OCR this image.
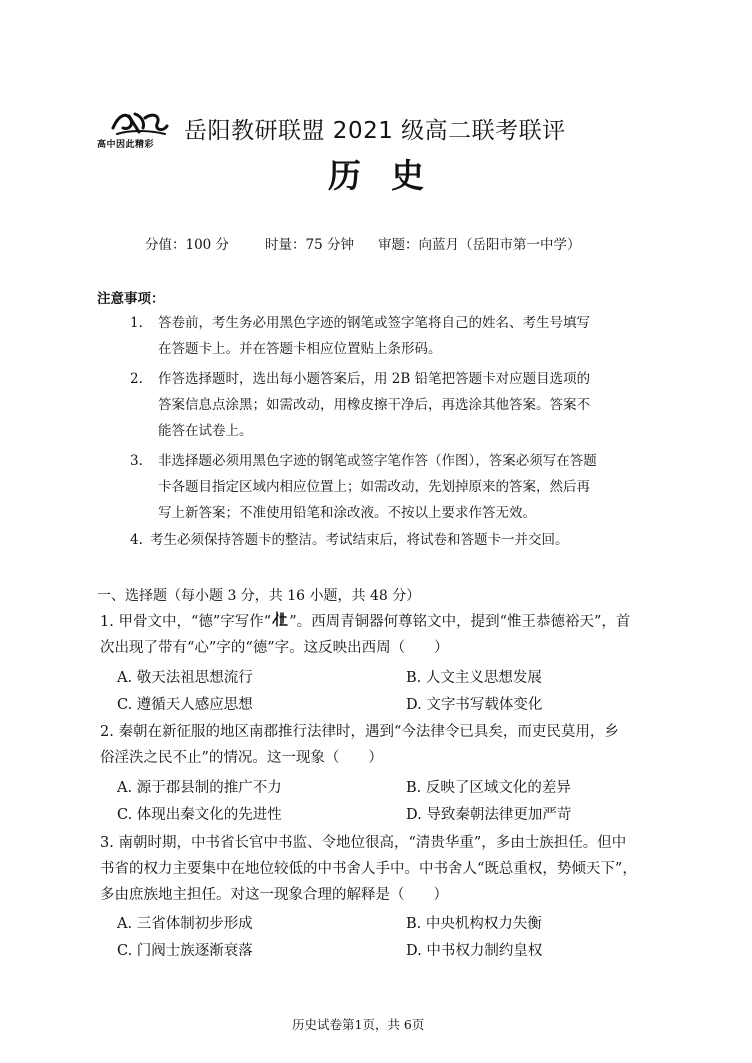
高中因此精彩
岳阳教研联盟 2021 级高二联考联评
历史
分值：100 分	时量：75 分钟 审题：向蓝月（岳阳市第一中学）
注意事项：
1. 答卷前，考生务必用黑色字迹的钢笔或签字笔将自己的姓名、考生号填写
在答题卡上。并在答题卡相应位置贴上条形码。
2. 作答选择题时，选出每小题答案后，用 2B 铅笔把答题卡对应题目选项的
答案信息点涂黑；如需改动，用橡皮擦干净后，再选涂其他答案。答案不
能答在试卷上。
3. 非选择题必须用黑色字迹的钢笔或签字笔作答（作图），答案必须写在答题
卡各题目指定区域内相应位置上；如需改动，先划掉原来的答案，然后再
写上新答案；不准使用铅笔和涂改液。不按以上要求作答无效。
4. 考生必须保持答题卡的整洁。考试结束后，将试卷和答题卡一并交回。
一、选择题（每小题 3 分，共 16 小题，共 48 分）
1. 甲骨文中，“德”字写作“ ”。西周青铜器何尊铭文中，提到“惟王恭德裕天”，首
次出现了带有“心”字的“德”字。这反映出西周（　　）
A. 敬天法祖思想流行	B. 人文主义思想发展
C. 遵循天人感应思想	D. 文字书写载体变化
2. 秦朝在新征服的地区南郡推行法律时，遇到“今法律令已具矣，而吏民莫用，乡
俗淫泆之民不止”的情况。这一现象（　　）
A. 源于郡县制的推广不力	B. 反映了区域文化的差异
C. 体现出秦文化的先进性	D. 导致秦朝法律更加严苛
3. 南朝时期，中书省长官中书监、令地位很高，“清贵华重”，多由士族担任。但中
书省的权力主要集中在地位较低的中书舍人手中。中书舍人“既总重权，势倾天下”，
多由庶族地主担任。对这一现象合理的解释是（　　）
A. 三省体制初步形成	B. 中央机构权力失衡
C. 门阀士族逐渐衰落	D. 中书权力制约皇权
历史试卷第1页，共 6页
